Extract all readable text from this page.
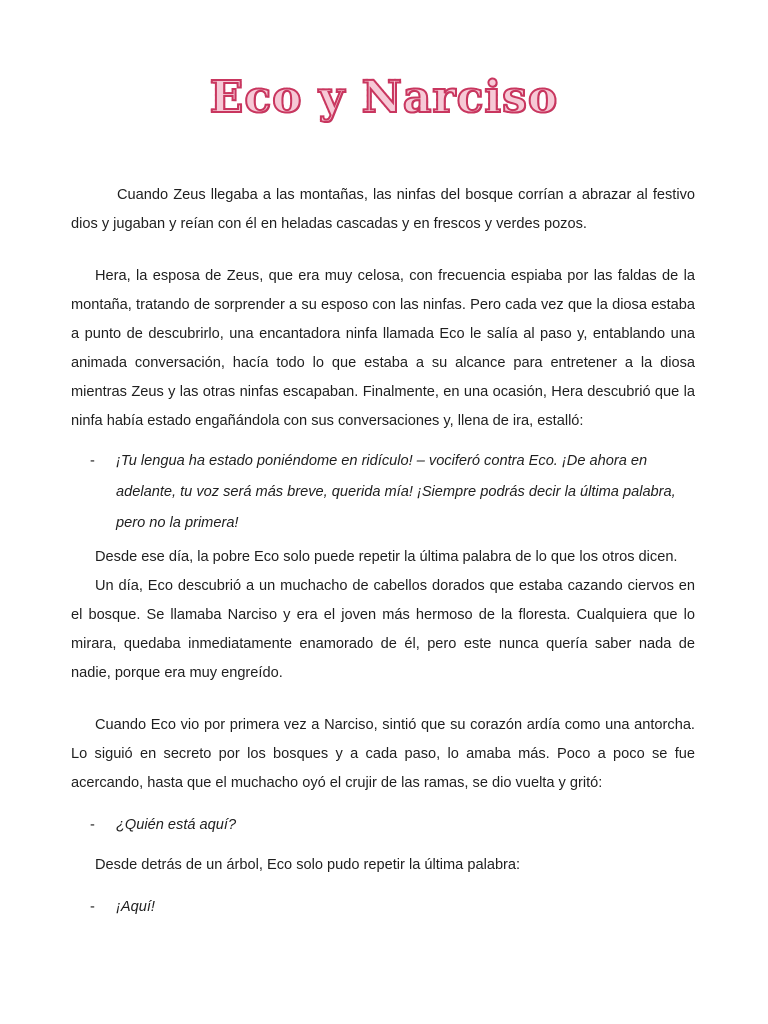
Eco y Narciso

Cuando Zeus llegaba a las montañas, las ninfas del bosque corrían a abrazar al festivo dios y jugaban y reían con él en heladas cascadas y en frescos y verdes pozos.

Hera, la esposa de Zeus, que era muy celosa, con frecuencia espiaba por las faldas de la montaña, tratando de sorprender a su esposo con las ninfas. Pero cada vez que la diosa estaba a punto de descubrirlo, una encantadora ninfa llamada Eco le salía al paso y, entablando una animada conversación, hacía todo lo que estaba a su alcance para entretener a la diosa mientras Zeus y las otras ninfas escapaban. Finalmente, en una ocasión, Hera descubrió que la ninfa había estado engañándola con sus conversaciones y, llena de ira, estalló:

-	¡Tu lengua ha estado poniéndome en ridículo! – vociferó contra Eco. ¡De ahora en adelante, tu voz será más breve, querida mía! ¡Siempre podrás decir la última palabra, pero no la primera!

Desde ese día, la pobre Eco solo puede repetir la última palabra de lo que los otros dicen.

Un día, Eco descubrió a un muchacho de cabellos dorados que estaba cazando ciervos en el bosque. Se llamaba Narciso y era el joven más hermoso de la floresta. Cualquiera que lo mirara, quedaba inmediatamente enamorado de él, pero este nunca quería saber nada de nadie, porque era muy engreído.

Cuando Eco vio por primera vez a Narciso, sintió que su corazón ardía como una antorcha. Lo siguió en secreto por los bosques y a cada paso, lo amaba más. Poco a poco se fue acercando, hasta que el muchacho oyó el crujir de las ramas, se dio vuelta y gritó:

-	¿Quién está aquí?

Desde detrás de un árbol, Eco solo pudo repetir la última palabra:

-	¡Aquí!
